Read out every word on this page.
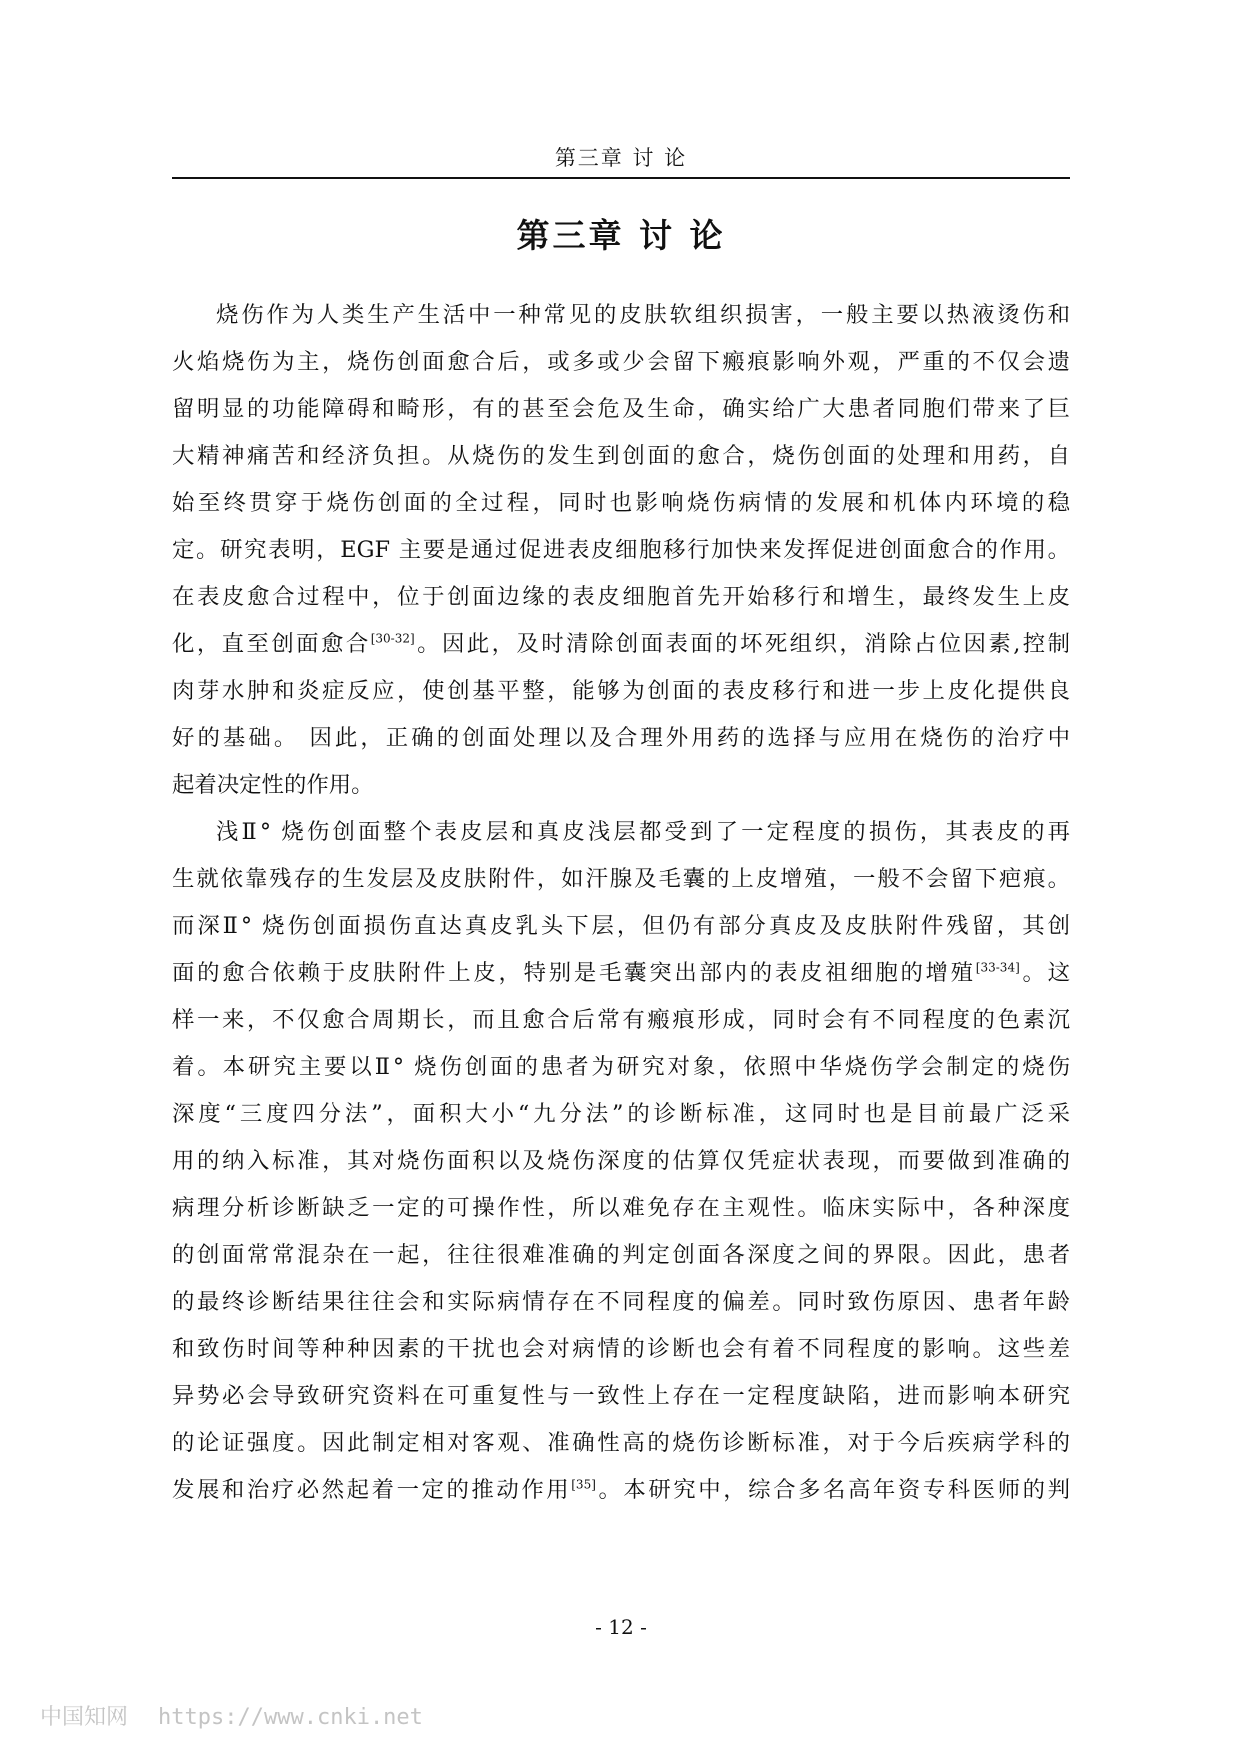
第三章 讨 论
第三章 讨 论
烧伤作为人类生产生活中一种常见的皮肤软组织损害，一般主要以热液烫伤和
火焰烧伤为主，烧伤创面愈合后，或多或少会留下瘢痕影响外观，严重的不仅会遗
留明显的功能障碍和畸形，有的甚至会危及生命，确实给广大患者同胞们带来了巨
大精神痛苦和经济负担。从烧伤的发生到创面的愈合，烧伤创面的处理和用药，自
始至终贯穿于烧伤创面的全过程，同时也影响烧伤病情的发展和机体内环境的稳
定。研究表明，EGF 主要是通过促进表皮细胞移行加快来发挥促进创面愈合的作用。
在表皮愈合过程中，位于创面边缘的表皮细胞首先开始移行和增生，最终发生上皮
化，直至创面愈合[30-32]。因此，及时清除创面表面的坏死组织，消除占位因素,控制
肉芽水肿和炎症反应，使创基平整，能够为创面的表皮移行和进一步上皮化提供良
好的基础。 因此，正确的创面处理以及合理外用药的选择与应用在烧伤的治疗中
起着决定性的作用。
浅Ⅱ° 烧伤创面整个表皮层和真皮浅层都受到了一定程度的损伤，其表皮的再
生就依靠残存的生发层及皮肤附件，如汗腺及毛囊的上皮增殖，一般不会留下疤痕。
而深Ⅱ° 烧伤创面损伤直达真皮乳头下层，但仍有部分真皮及皮肤附件残留，其创
面的愈合依赖于皮肤附件上皮，特别是毛囊突出部内的表皮祖细胞的增殖[33-34]。这
样一来，不仅愈合周期长，而且愈合后常有瘢痕形成，同时会有不同程度的色素沉
着。本研究主要以Ⅱ° 烧伤创面的患者为研究对象，依照中华烧伤学会制定的烧伤
深度“三度四分法”，面积大小“九分法”的诊断标准，这同时也是目前最广泛采
用的纳入标准，其对烧伤面积以及烧伤深度的估算仅凭症状表现，而要做到准确的
病理分析诊断缺乏一定的可操作性，所以难免存在主观性。临床实际中，各种深度
的创面常常混杂在一起，往往很难准确的判定创面各深度之间的界限。因此，患者
的最终诊断结果往往会和实际病情存在不同程度的偏差。同时致伤原因、患者年龄
和致伤时间等种种因素的干扰也会对病情的诊断也会有着不同程度的影响。这些差
异势必会导致研究资料在可重复性与一致性上存在一定程度缺陷，进而影响本研究
的论证强度。因此制定相对客观、准确性高的烧伤诊断标准，对于今后疾病学科的
发展和治疗必然起着一定的推动作用[35]。本研究中，综合多名高年资专科医师的判
- 12 -
中国知网 https://www.cnki.net
